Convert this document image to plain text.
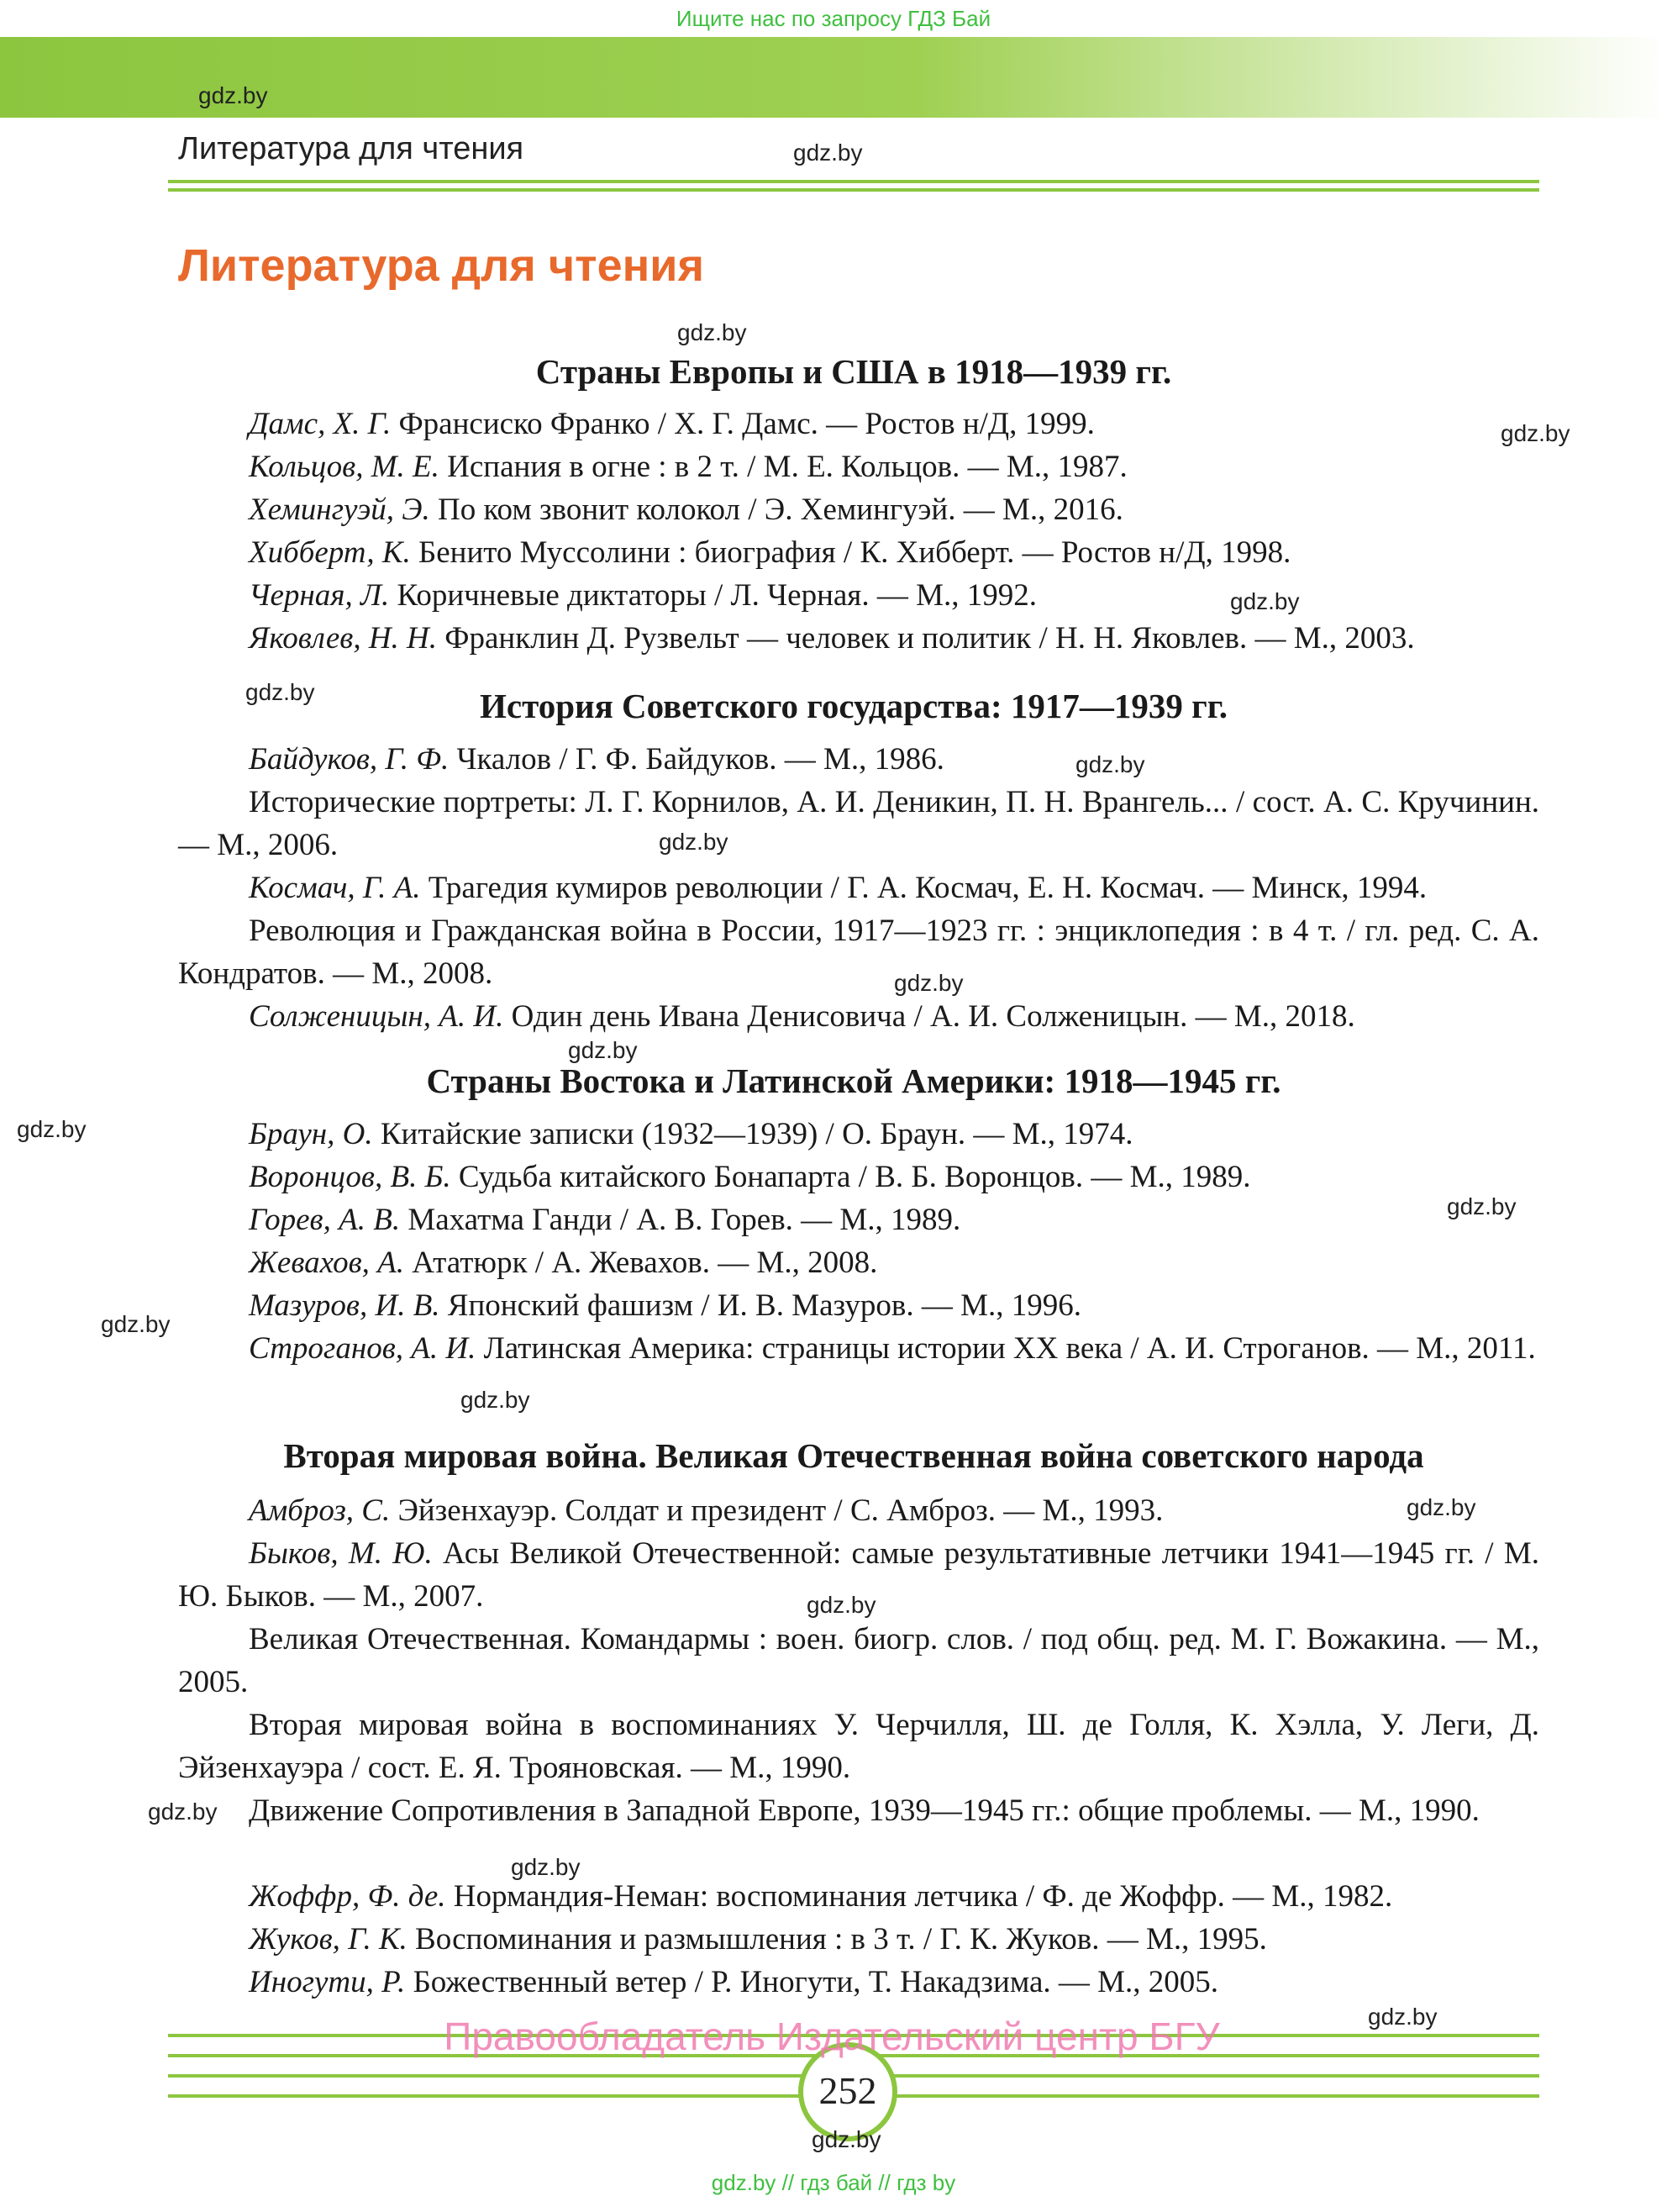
Ищите нас по запросу ГДЗ Бай
gdz.by
Литература для чтения	gdz.by
Литература для чтения
gdz.by
Страны Европы и США в 1918—1939 гг.
Дамс, Х. Г. Франсиско Франко / Х. Г. Дамс. — Ростов н/Д, 1999.
Кольцов, М. Е. Испания в огне : в 2 т. / М. Е. Кольцов. — М., 1987.
Хемингуэй, Э. По ком звонит колокол / Э. Хемингуэй. — М., 2016.
Хибберт, К. Бенито Муссолини : биография / К. Хибберт. — Ростов н/Д, 1998.
Черная, Л. Коричневые диктаторы / Л. Черная. — М., 1992.
Яковлев, Н. Н. Франклин Д. Рузвельт — человек и политик / Н. Н. Яковлев. — М., 2003.
gdz.by
gdz.by
gdz.by	История Советского государства: 1917—1939 гг.
Байдуков, Г. Ф. Чкалов / Г. Ф. Байдуков. — М., 1986.
Исторические портреты: Л. Г. Корнилов, А. И. Деникин, П. Н. Врангель... / сост. А. С. Кручинин. — М., 2006.
Космач, Г. А. Трагедия кумиров революции / Г. А. Космач, Е. Н. Космач. — Минск, 1994.
Революция и Гражданская война в России, 1917—1923 гг. : энциклопедия : в 4 т. / гл. ред. С. А. Кондратов. — М., 2008.
Солженицын, А. И. Один день Ивана Денисовича / А. И. Солженицын. — М., 2018.
gdz.by
gdz.by
gdz.by
gdz.by
Страны Востока и Латинской Америки: 1918—1945 гг.
Браун, О. Китайские записки (1932—1939) / О. Браун. — М., 1974.
Воронцов, В. Б. Судьба китайского Бонапарта / В. Б. Воронцов. — М., 1989.
Горев, А. В. Махатма Ганди / А. В. Горев. — М., 1989.
Жевахов, А. Ататюрк / А. Жевахов. — М., 2008.
Мазуров, И. В. Японский фашизм / И. В. Мазуров. — М., 1996.
Строганов, А. И. Латинская Америка: страницы истории XX века / А. И. Строганов. — М., 2011.
gdz.by
gdz.by
gdz.by
gdz.by
Вторая мировая война. Великая Отечественная война советского народа
Амброз, С. Эйзенхауэр. Солдат и президент / С. Амброз. — М., 1993.
Быков, М. Ю. Асы Великой Отечественной: самые результативные летчики 1941—1945 гг. / М. Ю. Быков. — М., 2007.
Великая Отечественная. Командармы : воен. биогр. слов. / под общ. ред. М. Г. Вожакина. — М., 2005.
Вторая мировая война в воспоминаниях У. Черчилля, Ш. де Голля, К. Хэлла, У. Леги, Д. Эйзенхауэра / сост. Е. Я. Трояновская. — М., 1990.
Движение Сопротивления в Западной Европе, 1939—1945 гг.: общие проблемы. — М., 1990.
Жоффр, Ф. де. Нормандия-Неман: воспоминания летчика / Ф. де Жоффр. — М., 1982.
Жуков, Г. К. Воспоминания и размышления : в 3 т. / Г. К. Жуков. — М., 1995.
Иногути, Р. Божественный ветер / Р. Иногути, Т. Накадзима. — М., 2005.
gdz.by
gdz.by
gdz.by
gdz.by
gdz.by
252
Правообладатель Издательский центр БГУ
gdz.by
gdz.by // гдз бай // гдз by
